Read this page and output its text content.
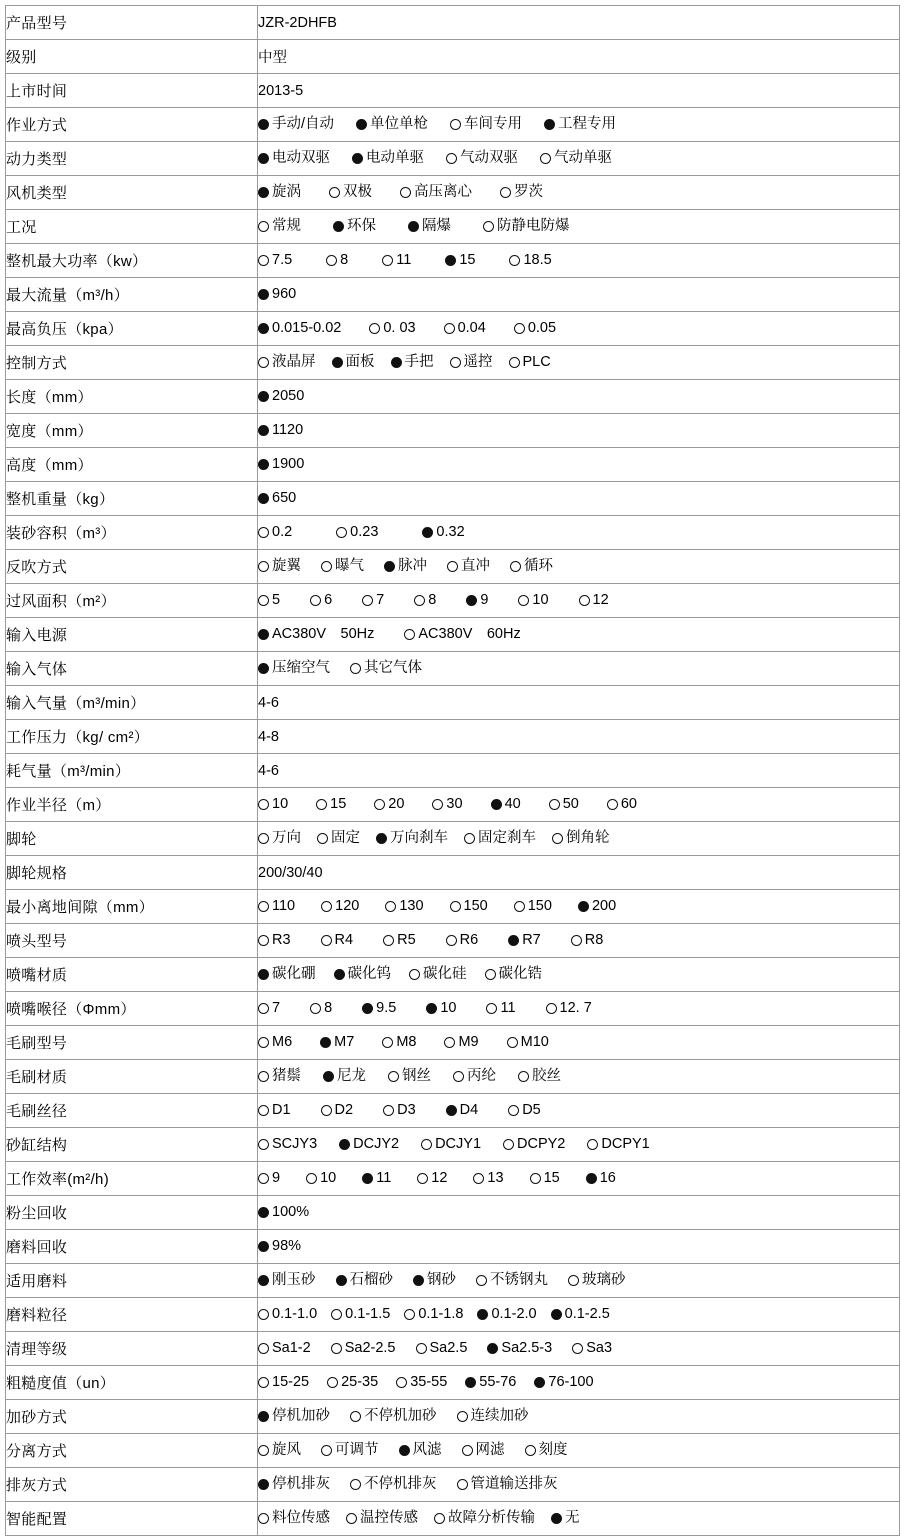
产品型号	JZR-2DHFB
级别	中型
上市时间	2013-5
作业方式	手动/自动 单位单枪 车间专用 工程专用

动力类型	电动双驱 电动单驱 气动双驱 气动单驱

风机类型	旋涡 双极 高压离心 罗茨

工况	常规 环保 隔爆 防静电防爆

整机最大功率（kw）	7.5 8 11 15 18.5

最大流量（m³/h）	960

最高负压（kpa）	0.015-0.02 0. 03 0.04 0.05

控制方式	液晶屏 面板 手把 遥控 PLC

长度（mm）	2050

宽度（mm）	1120

高度（mm）	1900

整机重量（kg）	650

装砂容积（m³）	0.2 0.23 0.32

反吹方式	旋翼 曝气 脉冲 直冲 循环

过风面积（m²）	5	6	7	8	9	10	12

输入电源	AC380V　50Hz AC380V　60Hz

输入气体	压缩空气 其它气体

输入气量（m³/min）	4-6
工作压力（kg/ cm²）	4-8
耗气量（m³/min）	4-6
作业半径（m）	10	15	20	30	40	50	60

脚轮	万向 固定 万向刹车 固定刹车 倒角轮

脚轮规格	200/30/40
最小离地间隙（mm）	110	120	130	150	150	200

喷头型号	R3	R4	R5	R6	R7	R8

喷嘴材质	碳化硼 碳化钨 碳化硅 碳化锆

喷嘴喉径（Φmm）	7	8	9.5	10	11	12. 7

毛刷型号	M6 M7 M8 M9 M10

毛刷材质	猪鬃 尼龙 钢丝 丙纶 胶丝

毛刷丝径	D1 D2 D3 D4 D5

砂缸结构	SCJY3 DCJY2 DCJY1 DCPY2 DCPY1

工作效率(m²/h)	9	10	11	12	13	15	16

粉尘回收	100%

磨料回收	98%

适用磨料	刚玉砂 石榴砂 钢砂 不锈钢丸 玻璃砂

磨料粒径	0.1-1.0 0.1-1.5 0.1-1.8 0.1-2.0 0.1-2.5

清理等级	Sa1-2 Sa2-2.5 Sa2.5 Sa2.5-3 Sa3

粗糙度值（un）	15-25 25-35 35-55 55-76 76-100

加砂方式	停机加砂 不停机加砂 连续加砂

分离方式	旋风 可调节 风滤 网滤 刻度

排灰方式	停机排灰 不停机排灰 管道输送排灰

智能配置	料位传感 温控传感 故障分析传输 无
